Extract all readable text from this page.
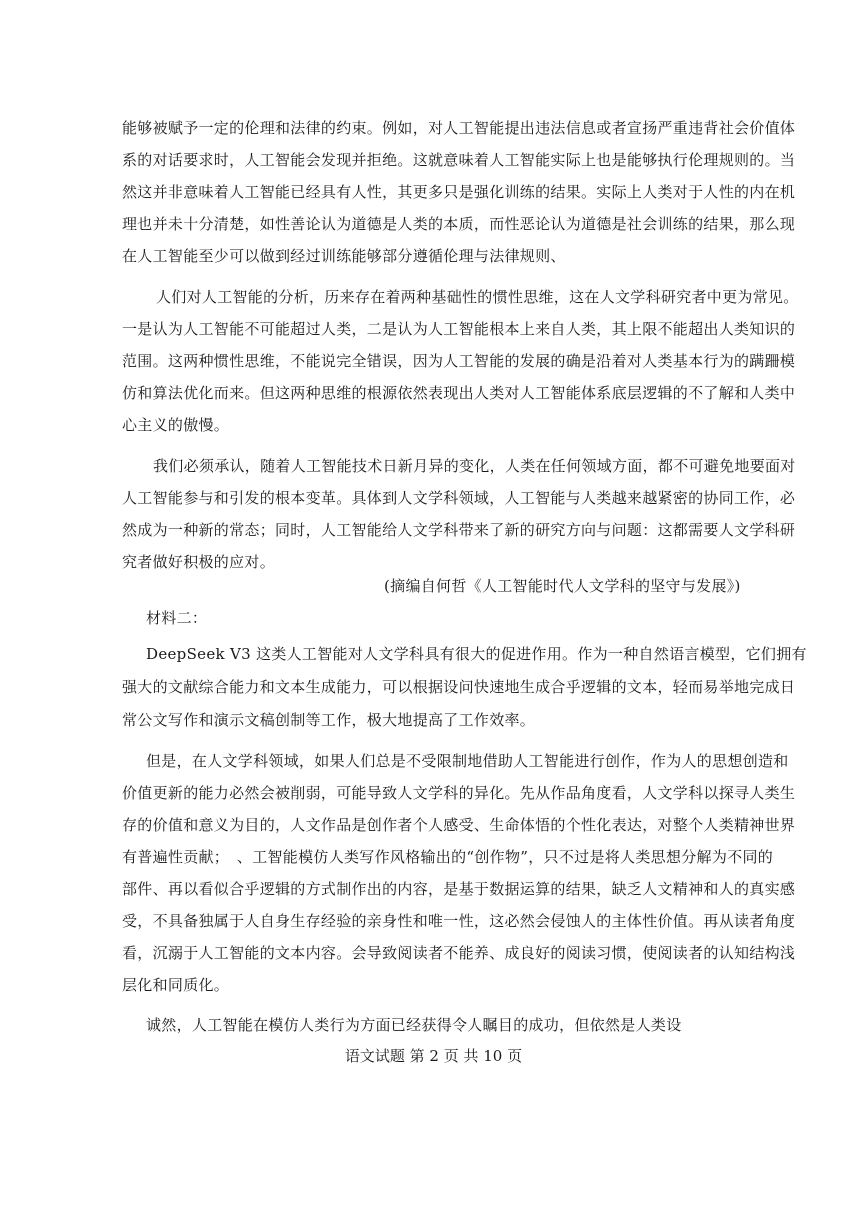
能够被赋予一定的伦理和法律的约束。例如，对人工智能提出违法信息或者宣扬严重违背社会价值体
系的对话要求时，人工智能会发现并拒绝。这就意味着人工智能实际上也是能够执行伦理规则的。当
然这并非意味着人工智能已经具有人性，其更多只是强化训练的结果。实际上人类对于人性的内在机
理也并未十分清楚，如性善论认为道德是人类的本质，而性恶论认为道德是社会训练的结果，那么现
在人工智能至少可以做到经过训练能够部分遵循伦理与法律规则、
人们对人工智能的分析，历来存在着两种基础性的惯性思维，这在人文学科研究者中更为常见。
一是认为人工智能不可能超过人类，二是认为人工智能根本上来自人类，其上限不能超出人类知识的
范围。这两种惯性思维，不能说完全错误，因为人工智能的发展的确是沿着对人类基本行为的蹒跚模
仿和算法优化而来。但这两种思维的根源依然表现出人类对人工智能体系底层逻辑的不了解和人类中
心主义的傲慢。
我们必须承认，随着人工智能技术日新月异的变化，人类在任何领域方面，都不可避免地要面对
人工智能参与和引发的根本变革。具体到人文学科领域，人工智能与人类越来越紧密的协同工作，必
然成为一种新的常态；同时，人工智能给人文学科带来了新的研究方向与问题：这都需要人文学科研
究者做好积极的应对。
(摘编自何哲《人工智能时代人文学科的坚守与发展》)
材料二：
DeepSeek V3 这类人工智能对人文学科具有很大的促进作用。作为一种自然语言模型，它们拥有
强大的文献综合能力和文本生成能力，可以根据设问快速地生成合乎逻辑的文本，轻而易举地完成日
常公文写作和演示文稿创制等工作，极大地提高了工作效率。
但是，在人文学科领域，如果人们总是不受限制地借助人工智能进行创作，作为人的思想创造和
价值更新的能力必然会被削弱，可能导致人文学科的异化。先从作品角度看，人文学科以探寻人类生
存的价值和意义为目的，人文作品是创作者个人感受、生命体悟的个性化表达，对整个人类精神世界
有普遍性贡献；　、工智能模仿人类写作风格输出的“创作物”，只不过是将人类思想分解为不同的
部件、再以看似合乎逻辑的方式制作出的内容，是基于数据运算的结果，缺乏人文精神和人的真实感
受，不具备独属于人自身生存经验的亲身性和唯一性，这必然会侵蚀人的主体性价值。再从读者角度
看，沉溺于人工智能的文本内容。会导致阅读者不能养、成良好的阅读习惯，使阅读者的认知结构浅
层化和同质化。
诚然，人工智能在模仿人类行为方面已经获得令人瞩目的成功，但依然是人类设
语文试题 第 2 页 共 10 页
